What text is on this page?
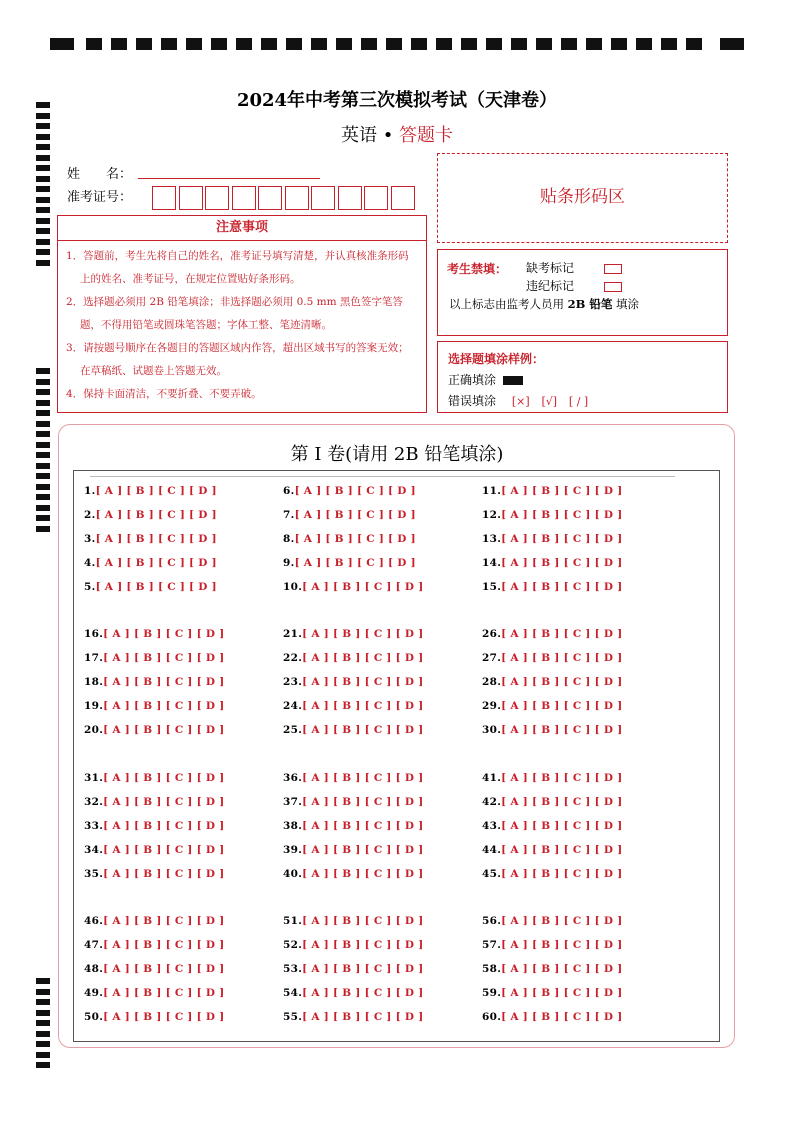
2024年中考第三次模拟考试（天津卷）
英语 • 答题卡
姓　　名：
准考证号：
注意事项

1．答题前，考生先将自己的姓名，准考证号填写清楚，并认真核准条形码上的姓名、准考证号，在规定位置贴好条形码。

2．选择题必须用 2B 铅笔填涂；非选择题必须用 0.5 mm 黑色签字笔答题，不得用铅笔或圆珠笔答题；字体工整、笔迹清晰。

3．请按题号顺序在各题目的答题区域内作答，超出区域书写的答案无效；在草稿纸、试题卷上答题无效。

4．保持卡面清洁，不要折叠、不要弄破。

贴条形码区
考生禁填： 缺考标记
违纪标记
以上标志由监考人员用 2B 铅笔 填涂
选择题填涂样例：
正确填涂
错误填涂 [×] [√] [ / ]
第 I 卷(请用 2B 铅笔填涂)
1.[ A ] [ B ] [ C ] [ D ]	6.[ A ] [ B ] [ C ] [ D ]	11.[ A ] [ B ] [ C ] [ D ]
2.[ A ] [ B ] [ C ] [ D ]	7.[ A ] [ B ] [ C ] [ D ]	12.[ A ] [ B ] [ C ] [ D ]
3.[ A ] [ B ] [ C ] [ D ]	8.[ A ] [ B ] [ C ] [ D ]	13.[ A ] [ B ] [ C ] [ D ]
4.[ A ] [ B ] [ C ] [ D ]	9.[ A ] [ B ] [ C ] [ D ]	14.[ A ] [ B ] [ C ] [ D ]
5.[ A ] [ B ] [ C ] [ D ]	10.[ A ] [ B ] [ C ] [ D ]	15.[ A ] [ B ] [ C ] [ D ]
16.[ A ] [ B ] [ C ] [ D ]	21.[ A ] [ B ] [ C ] [ D ]	26.[ A ] [ B ] [ C ] [ D ]
17.[ A ] [ B ] [ C ] [ D ]	22.[ A ] [ B ] [ C ] [ D ]	27.[ A ] [ B ] [ C ] [ D ]
18.[ A ] [ B ] [ C ] [ D ]	23.[ A ] [ B ] [ C ] [ D ]	28.[ A ] [ B ] [ C ] [ D ]
19.[ A ] [ B ] [ C ] [ D ]	24.[ A ] [ B ] [ C ] [ D ]	29.[ A ] [ B ] [ C ] [ D ]
20.[ A ] [ B ] [ C ] [ D ]	25.[ A ] [ B ] [ C ] [ D ]	30.[ A ] [ B ] [ C ] [ D ]
31.[ A ] [ B ] [ C ] [ D ]	36.[ A ] [ B ] [ C ] [ D ]	41.[ A ] [ B ] [ C ] [ D ]
32.[ A ] [ B ] [ C ] [ D ]	37.[ A ] [ B ] [ C ] [ D ]	42.[ A ] [ B ] [ C ] [ D ]
33.[ A ] [ B ] [ C ] [ D ]	38.[ A ] [ B ] [ C ] [ D ]	43.[ A ] [ B ] [ C ] [ D ]
34.[ A ] [ B ] [ C ] [ D ]	39.[ A ] [ B ] [ C ] [ D ]	44.[ A ] [ B ] [ C ] [ D ]
35.[ A ] [ B ] [ C ] [ D ]	40.[ A ] [ B ] [ C ] [ D ]	45.[ A ] [ B ] [ C ] [ D ]
46.[ A ] [ B ] [ C ] [ D ]	51.[ A ] [ B ] [ C ] [ D ]	56.[ A ] [ B ] [ C ] [ D ]
47.[ A ] [ B ] [ C ] [ D ]	52.[ A ] [ B ] [ C ] [ D ]	57.[ A ] [ B ] [ C ] [ D ]
48.[ A ] [ B ] [ C ] [ D ]	53.[ A ] [ B ] [ C ] [ D ]	58.[ A ] [ B ] [ C ] [ D ]
49.[ A ] [ B ] [ C ] [ D ]	54.[ A ] [ B ] [ C ] [ D ]	59.[ A ] [ B ] [ C ] [ D ]
50.[ A ] [ B ] [ C ] [ D ]	55.[ A ] [ B ] [ C ] [ D ]	60.[ A ] [ B ] [ C ] [ D ]
